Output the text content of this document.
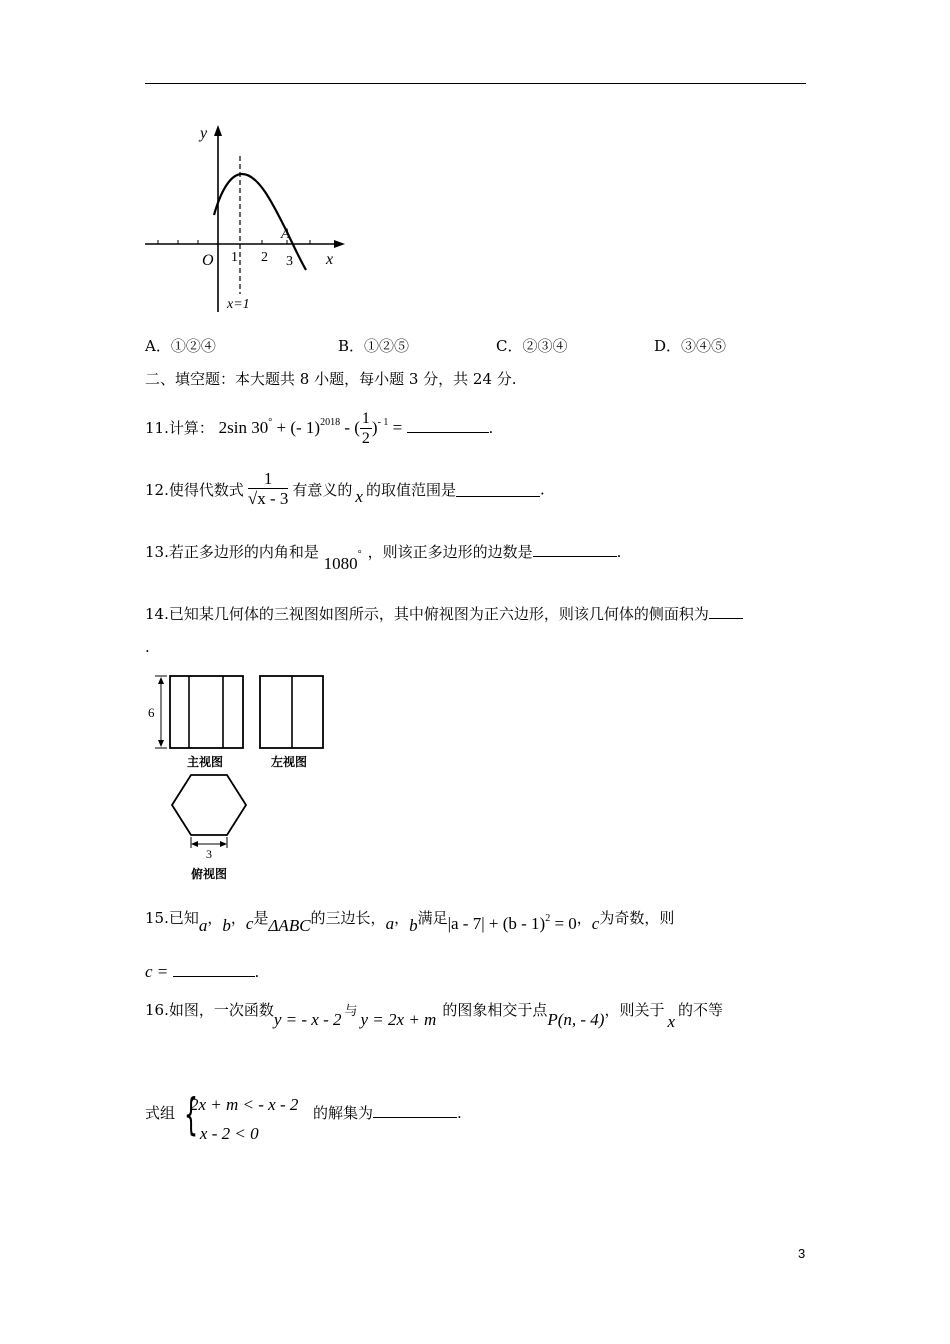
y
x
O 1 2 3
A
x=1
A．①②④	B．①②⑤	C．②③④	D．③④⑤
二、填空题：本大题共 8 小题，每小题 3 分，共 24 分.
11.计算： 2sin 30° + (- 1)$^{2018}$ - ( $\frac{1}{2} )^{- 1}$ =	.
12.使得代数式 $\frac{1}{√x - 3}$ 有意义的 x 的取值范围是	.
13.若正多边形的内角和是 1080° ，则该正多边形的边数是	.
14.已知某几何体的三视图如图所示，其中俯视图为正六边形，则该几何体的侧面积为
.
6
主视图	左视图
3
俯视图
15.已知a，b，c是ΔABC的三边长，a，b满足|a - 7| + (b - 1)2 = 0，c为奇数，则
c =	.
16.如图，一次函数y = - x - 2 与 y = 2x + m 的图象相交于点P(n, - 4)，则关于x的不等
式组 {
2x + m < - x - 2
- x - 2 < 0
的解集为	.
3
